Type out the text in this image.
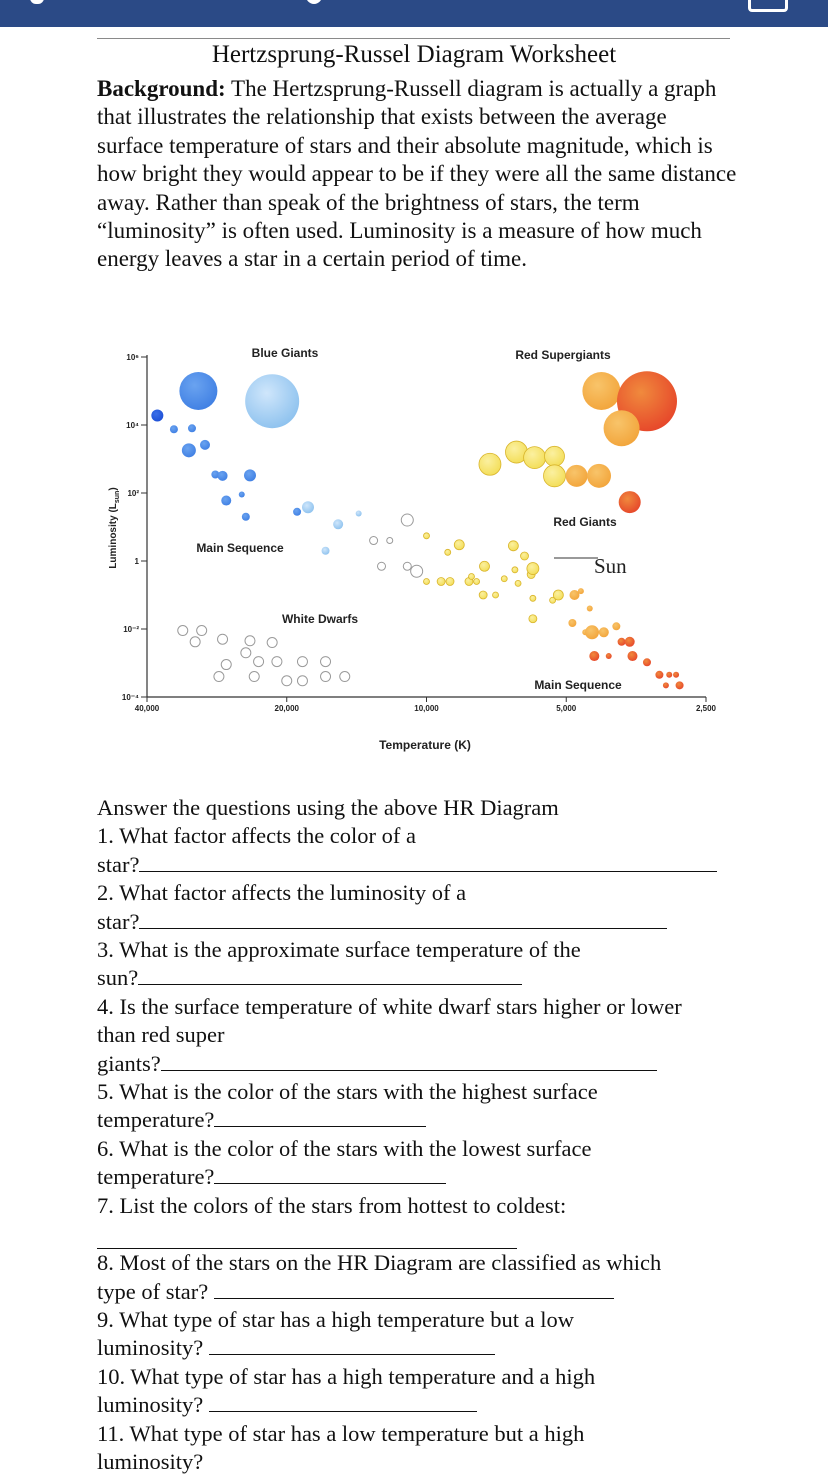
Hertzsprung-Russel Diagram Worksheet
Background: The Hertzsprung-Russell diagram is actually a graph that illustrates the relationship that exists between the average surface temperature of stars and their absolute magnitude, which is how bright they would appear to be if they were all the same distance away. Rather than speak of the brightness of stars, the term “luminosity” is often used. Luminosity is a measure of how much energy leaves a star in a certain period of time.
10⁶
10⁴
10²
1
10⁻²
10⁻⁴
40,000	20,000	10,000	5,000	2,500
Temperature (K)
Luminosity $(L_{sun})$
Blue Giants	Red Supergiants
Red Giants
Main Sequence
White Dwarfs
Main Sequence
Sun

Answer the questions using the above HR Diagram

1. What factor affects the color of a

star?

2. What factor affects the luminosity of a

star?

3. What is the approximate surface temperature of the

sun?

4. Is the surface temperature of white dwarf stars higher or lower

than red super

giants?

5. What is the color of the stars with the highest surface

temperature?

6. What is the color of the stars with the lowest surface

temperature?

7. List the colors of the stars from hottest to coldest:

8. Most of the stars on the HR Diagram are classified as which

type of star?

9. What type of star has a high temperature but a low

luminosity?

10. What type of star has a high temperature and a high

luminosity?

11. What type of star has a low temperature but a high

luminosity?
